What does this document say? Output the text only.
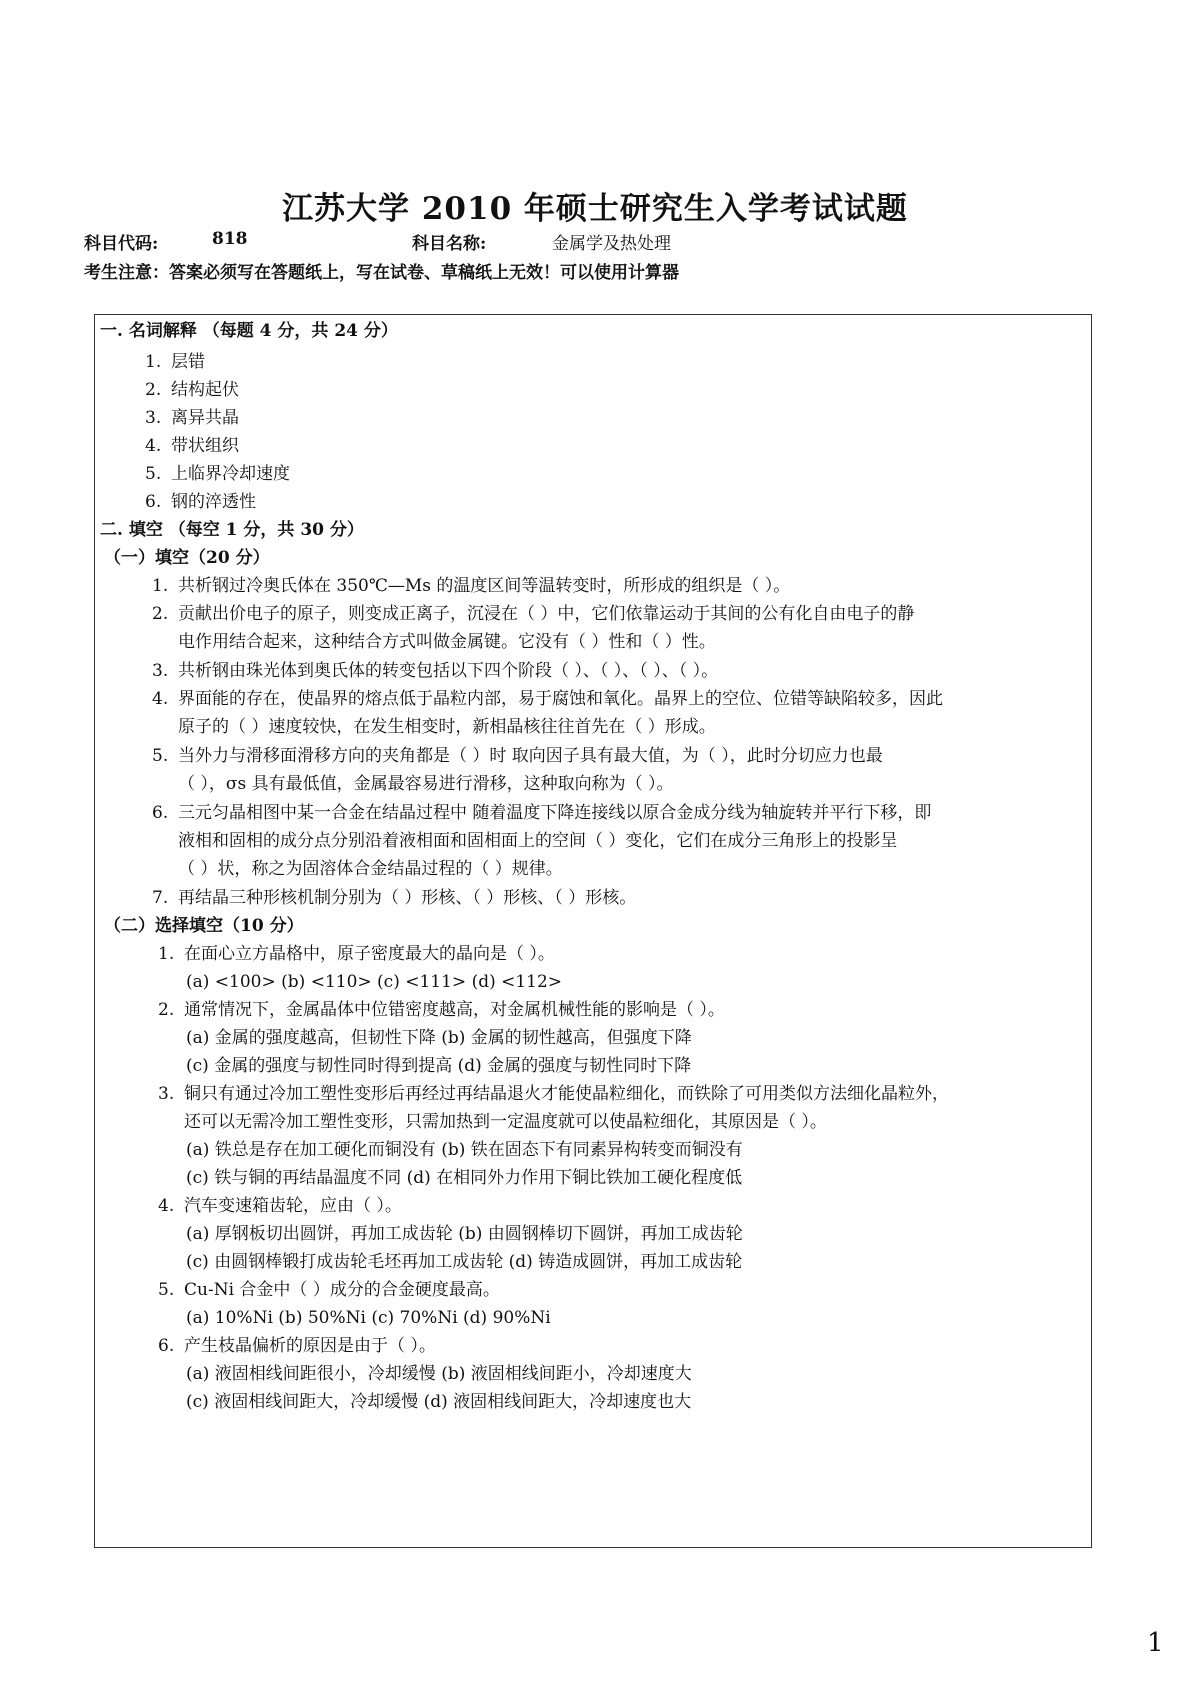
江苏大学 2010 年硕士研究生入学考试试题
科目代码:	818	科目名称:	金属学及热处理
考生注意：答案必须写在答题纸上，写在试卷、草稿纸上无效！可以使用计算器
一. 名词解释 （每题 4 分，共 24 分）
1. 层错
2. 结构起伏
3. 离异共晶
4. 带状组织
5. 上临界冷却速度
6. 钢的淬透性
二. 填空 （每空 1 分，共 30 分）
（一）填空（20 分）
1. 共析钢过冷奥氏体在 350℃—Ms 的温度区间等温转变时，所形成的组织是（ ）。
2. 贡献出价电子的原子，则变成正离子，沉浸在（ ）中，它们依靠运动于其间的公有化自由电子的静
电作用结合起来，这种结合方式叫做金属键。它没有（ ）性和（ ）性。
3. 共析钢由珠光体到奥氏体的转变包括以下四个阶段（ ）、（ ）、（ ）、（ ）。
4. 界面能的存在，使晶界的熔点低于晶粒内部，易于腐蚀和氧化。晶界上的空位、位错等缺陷较多，因此
原子的（ ）速度较快，在发生相变时，新相晶核往往首先在（ ）形成。
5. 当外力与滑移面滑移方向的夹角都是（ ）时 取向因子具有最大值，为（ ），此时分切应力也最
（ ），σs 具有最低值，金属最容易进行滑移，这种取向称为（ ）。
6. 三元匀晶相图中某一合金在结晶过程中 随着温度下降连接线以原合金成分线为轴旋转并平行下移，即
液相和固相的成分点分别沿着液相面和固相面上的空间（ ）变化，它们在成分三角形上的投影呈
（ ）状，称之为固溶体合金结晶过程的（ ）规律。
7. 再结晶三种形核机制分别为（ ）形核、（ ）形核、（ ）形核。
（二）选择填空（10 分）
1. 在面心立方晶格中，原子密度最大的晶向是（ ）。
(a) <100> (b) <110> (c) <111> (d) <112>
2. 通常情况下，金属晶体中位错密度越高，对金属机械性能的影响是（ ）。
(a) 金属的强度越高，但韧性下降 (b) 金属的韧性越高，但强度下降
(c) 金属的强度与韧性同时得到提高 (d) 金属的强度与韧性同时下降
3. 铜只有通过冷加工塑性变形后再经过再结晶退火才能使晶粒细化，而铁除了可用类似方法细化晶粒外，
还可以无需冷加工塑性变形，只需加热到一定温度就可以使晶粒细化，其原因是（ ）。
(a) 铁总是存在加工硬化而铜没有 (b) 铁在固态下有同素异构转变而铜没有
(c) 铁与铜的再结晶温度不同 (d) 在相同外力作用下铜比铁加工硬化程度低
4. 汽车变速箱齿轮，应由（ ）。
(a) 厚钢板切出圆饼，再加工成齿轮 (b) 由圆钢棒切下圆饼，再加工成齿轮
(c) 由圆钢棒锻打成齿轮毛坯再加工成齿轮 (d) 铸造成圆饼，再加工成齿轮
5. Cu-Ni 合金中（ ）成分的合金硬度最高。
(a) 10%Ni (b) 50%Ni (c) 70%Ni (d) 90%Ni
6. 产生枝晶偏析的原因是由于（ ）。
(a) 液固相线间距很小，冷却缓慢 (b) 液固相线间距小，冷却速度大
(c) 液固相线间距大，冷却缓慢 (d) 液固相线间距大，冷却速度也大
1
